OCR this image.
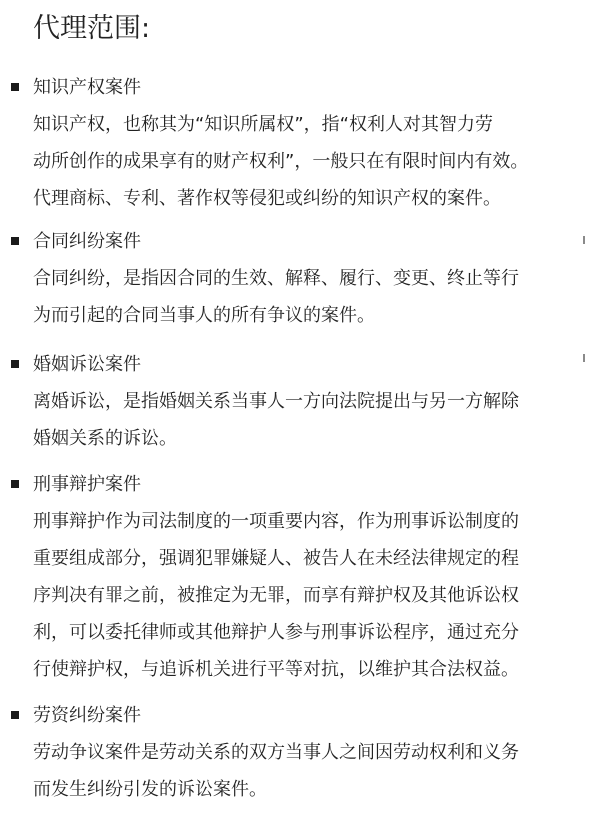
代理范围:
知识产权案件
知识产权，也称其为“知识所属权”，指“权利人对其智力劳
动所创作的成果享有的财产权利”，一般只在有限时间内有效。
代理商标、专利、著作权等侵犯或纠纷的知识产权的案件。
合同纠纷案件
合同纠纷，是指因合同的生效、解释、履行、变更、终止等行
为而引起的合同当事人的所有争议的案件。
婚姻诉讼案件
离婚诉讼，是指婚姻关系当事人一方向法院提出与另一方解除
婚姻关系的诉讼。
刑事辩护案件
刑事辩护作为司法制度的一项重要内容，作为刑事诉讼制度的
重要组成部分，强调犯罪嫌疑人、被告人在未经法律规定的程
序判决有罪之前，被推定为无罪，而享有辩护权及其他诉讼权
利，可以委托律师或其他辩护人参与刑事诉讼程序，通过充分
行使辩护权，与追诉机关进行平等对抗，以维护其合法权益。
劳资纠纷案件
劳动争议案件是劳动关系的双方当事人之间因劳动权利和义务
而发生纠纷引发的诉讼案件。
